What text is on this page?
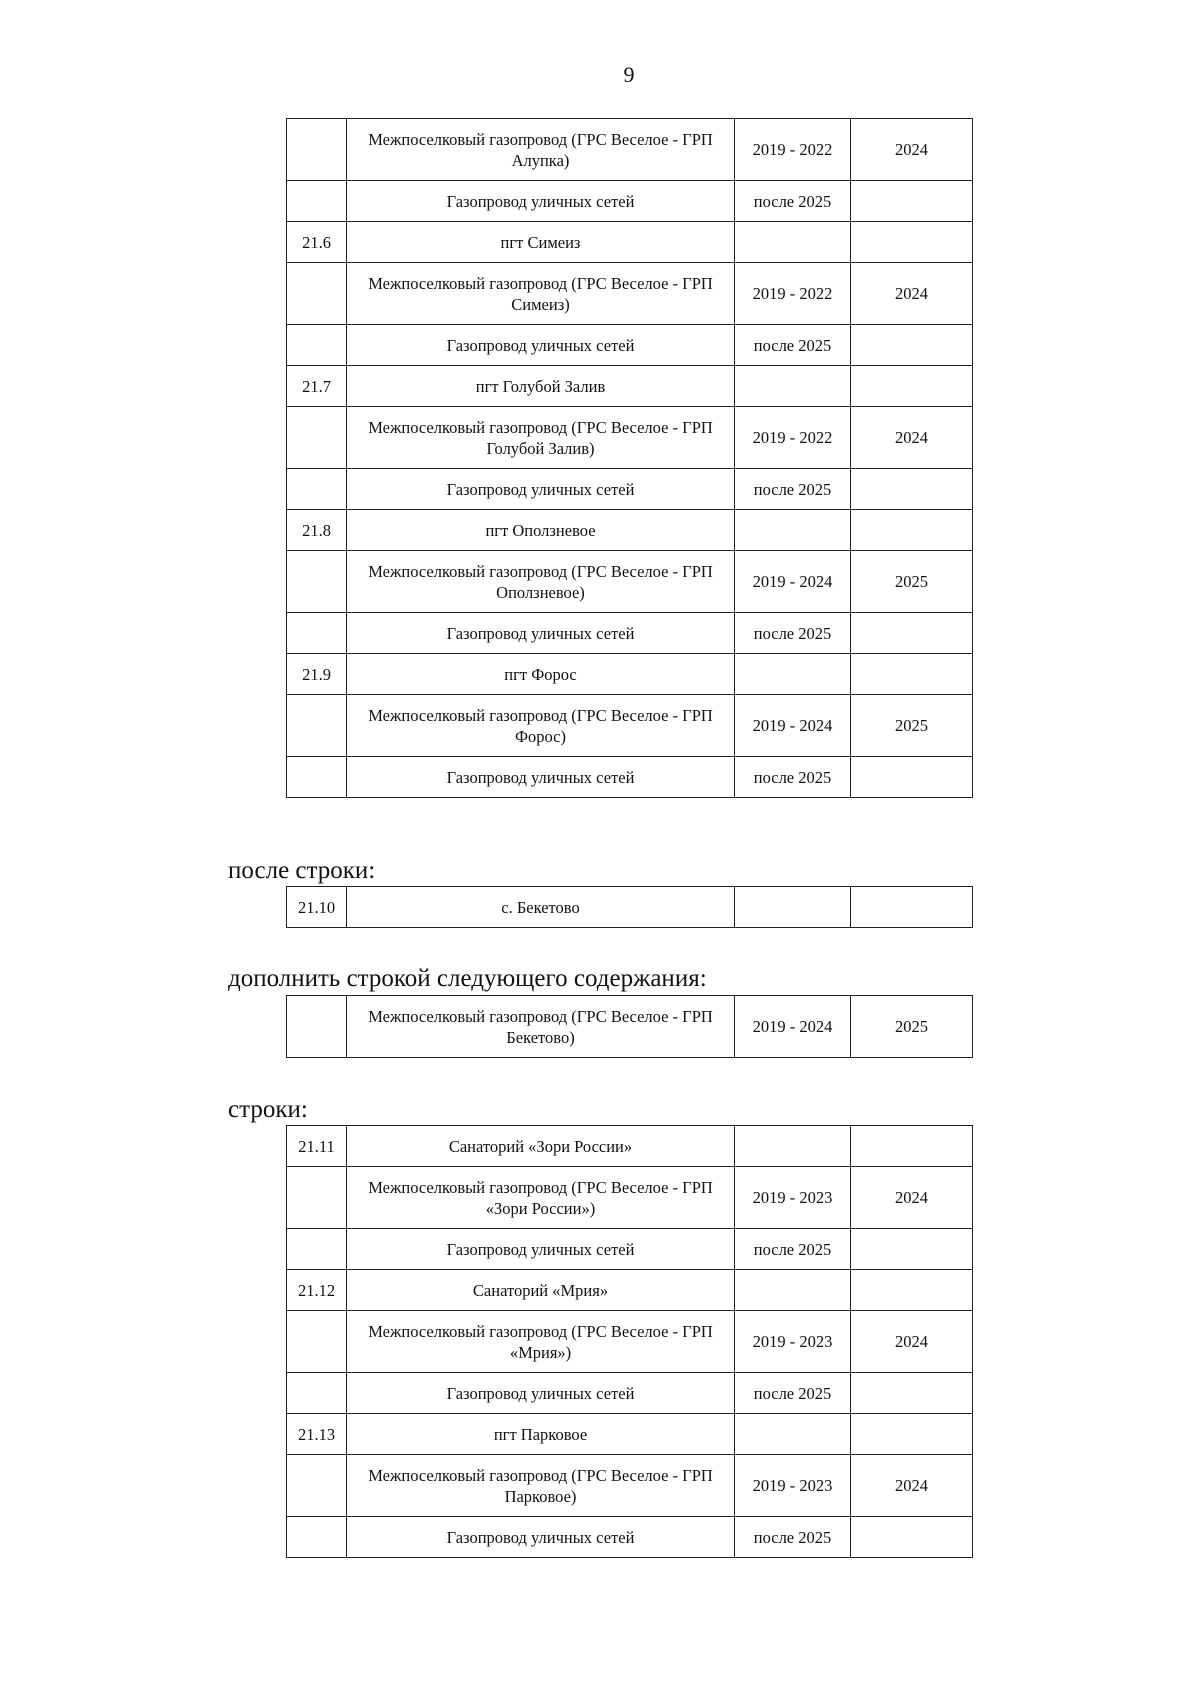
9
	Межпоселковый газопровод (ГРС Веселое - ГРП Алупка)	2019 - 2022	2024
	Газопровод уличных сетей	после 2025	
21.6	пгт Симеиз		
	Межпоселковый газопровод (ГРС Веселое - ГРП Симеиз)	2019 - 2022	2024
	Газопровод уличных сетей	после 2025	
21.7	пгт Голубой Залив		
	Межпоселковый газопровод (ГРС Веселое - ГРП Голубой Залив)	2019 - 2022	2024
	Газопровод уличных сетей	после 2025	
21.8	пгт Оползневое		
	Межпоселковый газопровод (ГРС Веселое - ГРП Оползневое)	2019 - 2024	2025
	Газопровод уличных сетей	после 2025	
21.9	пгт Форос		
	Межпоселковый газопровод (ГРС Веселое - ГРП Форос)	2019 - 2024	2025
	Газопровод уличных сетей	после 2025	
после строки:
21.10	с. Бекетово		
дополнить строкой следующего содержания:
	Межпоселковый газопровод (ГРС Веселое - ГРП Бекетово)	2019 - 2024	2025
строки:
21.11	Санаторий «Зори России»		
	Межпоселковый газопровод (ГРС Веселое - ГРП «Зори России»)	2019 - 2023	2024
	Газопровод уличных сетей	после 2025	
21.12	Санаторий «Мрия»		
	Межпоселковый газопровод (ГРС Веселое - ГРП «Мрия»)	2019 - 2023	2024
	Газопровод уличных сетей	после 2025	
21.13	пгт Парковое		
	Межпоселковый газопровод (ГРС Веселое - ГРП Парковое)	2019 - 2023	2024
	Газопровод уличных сетей	после 2025	
